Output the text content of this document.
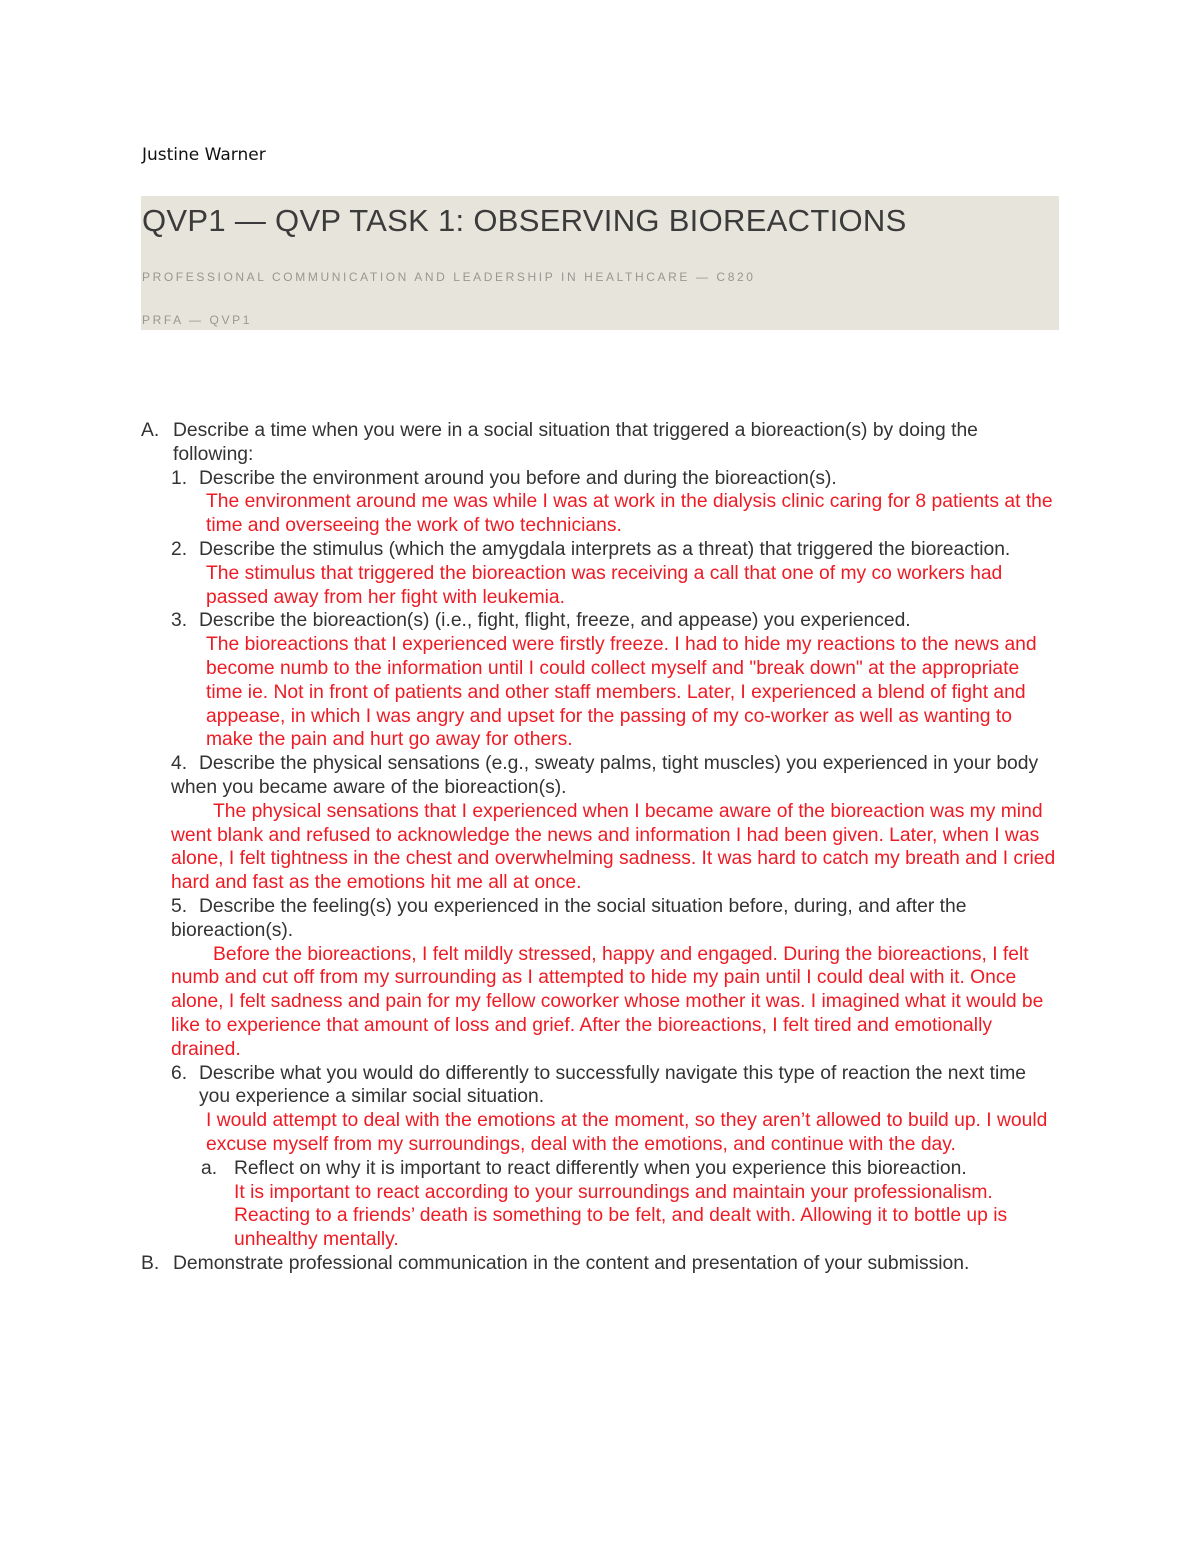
Justine Warner
QVP1 — QVP TASK 1: OBSERVING BIOREACTIONS
PROFESSIONAL COMMUNICATION AND LEADERSHIP IN HEALTHCARE — C820
PRFA — QVP1
A. Describe a time when you were in a social situation that triggered a bioreaction(s) by doing the following:
1. Describe the environment around you before and during the bioreaction(s).
The environment around me was while I was at work in the dialysis clinic caring for 8 patients at the time and overseeing the work of two technicians.
2. Describe the stimulus (which the amygdala interprets as a threat) that triggered the bioreaction.
The stimulus that triggered the bioreaction was receiving a call that one of my co workers had passed away from her fight with leukemia.
3. Describe the bioreaction(s) (i.e., fight, flight, freeze, and appease) you experienced.
The bioreactions that I experienced were firstly freeze. I had to hide my reactions to the news and become numb to the information until I could collect myself and "break down" at the appropriate time ie. Not in front of patients and other staff members. Later, I experienced a blend of fight and appease, in which I was angry and upset for the passing of my co-worker as well as wanting to make the pain and hurt go away for others.
4. Describe the physical sensations (e.g., sweaty palms, tight muscles) you experienced in your body when you became aware of the bioreaction(s).
The physical sensations that I experienced when I became aware of the bioreaction was my mind went blank and refused to acknowledge the news and information I had been given. Later, when I was alone, I felt tightness in the chest and overwhelming sadness. It was hard to catch my breath and I cried hard and fast as the emotions hit me all at once.
5. Describe the feeling(s) you experienced in the social situation before, during, and after the bioreaction(s).
Before the bioreactions, I felt mildly stressed, happy and engaged. During the bioreactions, I felt numb and cut off from my surrounding as I attempted to hide my pain until I could deal with it. Once alone, I felt sadness and pain for my fellow coworker whose mother it was. I imagined what it would be like to experience that amount of loss and grief. After the bioreactions, I felt tired and emotionally drained.
6. Describe what you would do differently to successfully navigate this type of reaction the next time you experience a similar social situation.
I would attempt to deal with the emotions at the moment, so they aren’t allowed to build up. I would excuse myself from my surroundings, deal with the emotions, and continue with the day.
a. Reflect on why it is important to react differently when you experience this bioreaction.
It is important to react according to your surroundings and maintain your professionalism. Reacting to a friends’ death is something to be felt, and dealt with. Allowing it to bottle up is unhealthy mentally.
B. Demonstrate professional communication in the content and presentation of your submission.
